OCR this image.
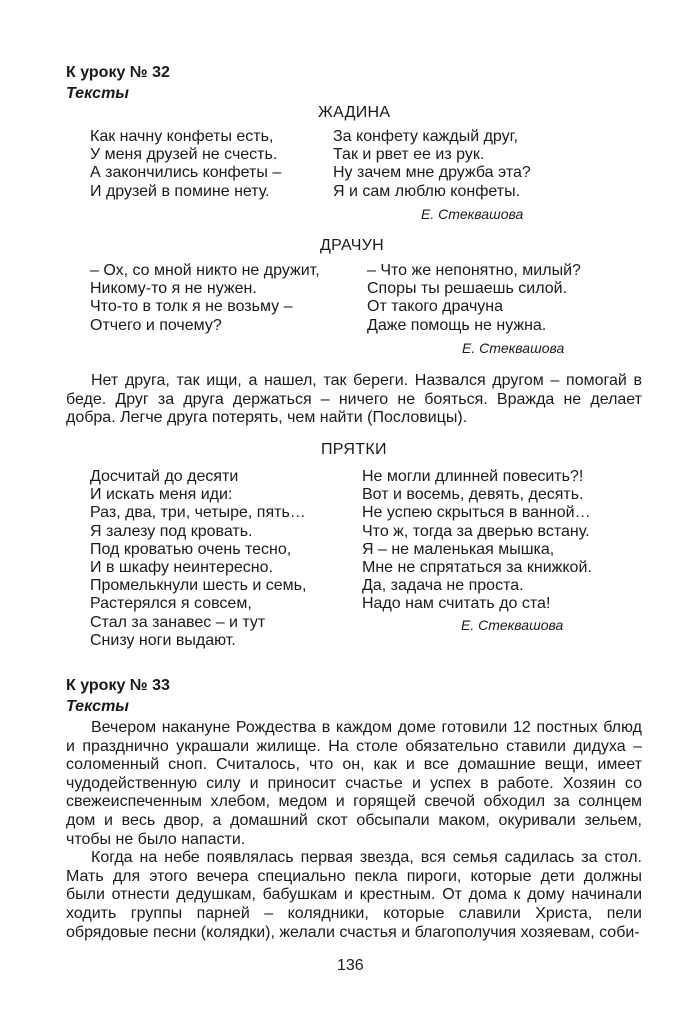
К уроку № 32
Тексты
ЖАДИНА
Как начну конфеты есть,
У меня друзей не счесть.
А закончились конфеты –
И друзей в помине нету.
За конфету каждый друг,
Так и рвет ее из рук.
Ну зачем мне дружба эта?
Я и сам люблю конфеты.
Е. Стеквашова
ДРАЧУН
– Ох, со мной никто не дружит,
Никому-то я не нужен.
Что-то в толк я не возьму –
Отчего и почему?
– Что же непонятно, милый?
Споры ты решаешь силой.
От такого драчуна
Даже помощь не нужна.
Е. Стеквашова

Нет друга, так ищи, а нашел, так береги. Назвался другом – помогай в беде. Друг за друга держаться – ничего не бояться. Вражда не делает добра. Легче друга потерять, чем найти (Пословицы).

ПРЯТКИ
Досчитай до десяти
И искать меня иди:
Раз, два, три, четыре, пять…
Я залезу под кровать.
Под кроватью очень тесно,
И в шкафу неинтересно.
Промелькнули шесть и семь,
Растерялся я совсем,
Стал за занавес – и тут
Снизу ноги выдают.
Не могли длинней повесить?!
Вот и восемь, девять, десять.
Не успею скрыться в ванной…
Что ж, тогда за дверью встану.
Я – не маленькая мышка,
Мне не спрятаться за книжкой.
Да, задача не проста.
Надо нам считать до ста!
Е. Стеквашова
К уроку № 33
Тексты

Вечером накануне Рождества в каждом доме готовили 12 постных блюд и празднично украшали жилище. На столе обязательно ставили дидуха – соломенный сноп. Считалось, что он, как и все домашние вещи, имеет чудодейственную силу и приносит счастье и успех в работе. Хозяин со свежеиспеченным хлебом, медом и горящей свечой обходил за солнцем дом и весь двор, а домашний скот обсыпали маком, окуривали зельем, чтобы не было напасти.

Когда на небе появлялась первая звезда, вся семья садилась за стол. Мать для этого вечера специально пекла пироги, которые дети должны были отнести дедушкам, бабушкам и крестным. От дома к дому начинали ходить группы парней – колядники, которые славили Христа, пели обрядовые песни (колядки), желали счастья и благополучия хозяевам, соби-

136
